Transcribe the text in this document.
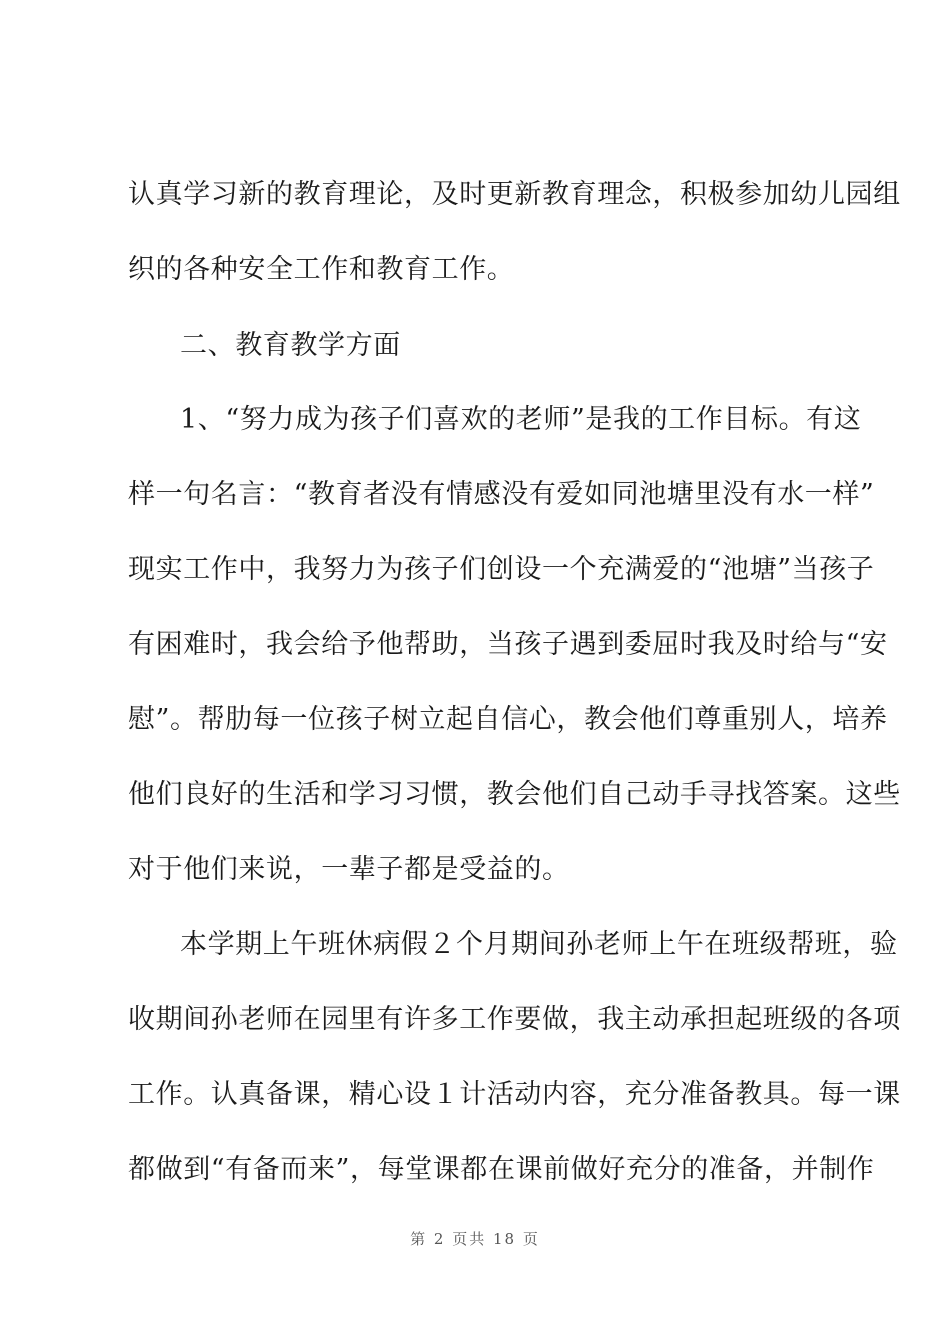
认真学习新的教育理论，及时更新教育理念，积极参加幼儿园组
织的各种安全工作和教育工作。
二、教育教学方面
1、“努力成为孩子们喜欢的老师”是我的工作目标。有这
样一句名言：“教育者没有情感没有爱如同池塘里没有水一样”
现实工作中，我努力为孩子们创设一个充满爱的“池塘”当孩子
有困难时，我会给予他帮助，当孩子遇到委屈时我及时给与“安
慰”。帮肋每一位孩子树立起自信心，教会他们尊重别人，培养
他们良好的生活和学习习惯，教会他们自己动手寻找答案。这些
对于他们来说，一辈子都是受益的。
本学期上午班休病假２个月期间孙老师上午在班级帮班，验
收期间孙老师在园里有许多工作要做，我主动承担起班级的各项
工作。认真备课，精心设１计活动内容，充分准备教具。每一课
都做到“有备而来”，每堂课都在课前做好充分的准备，并制作
第 2 页共 18 页
